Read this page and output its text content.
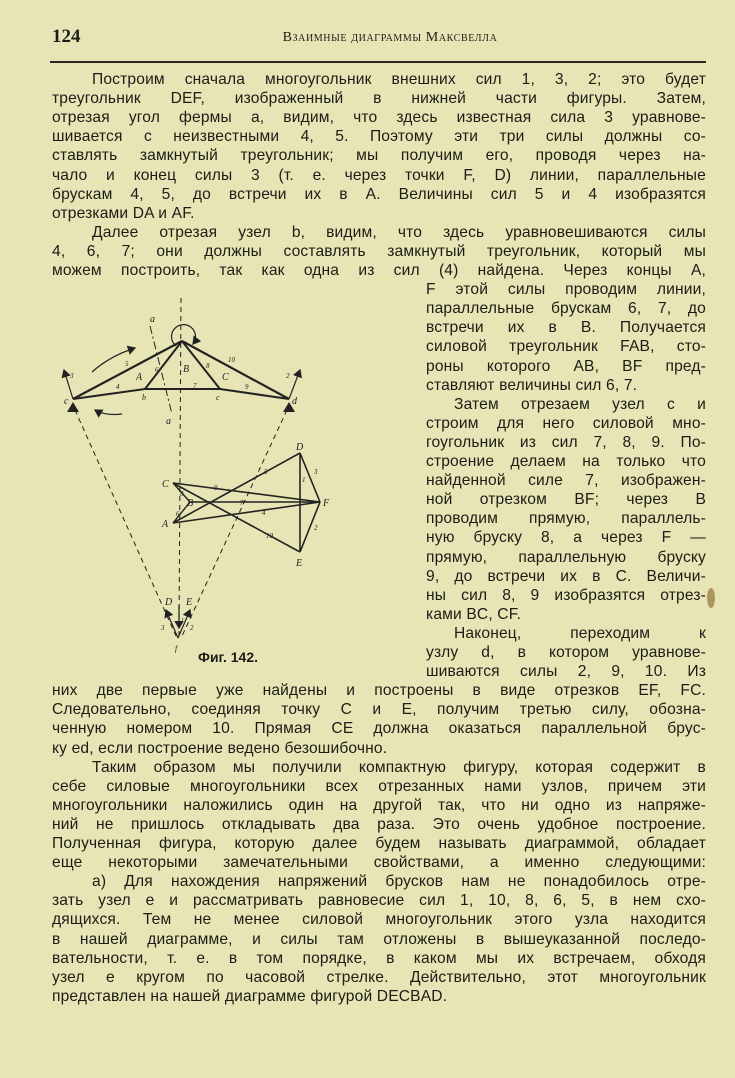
124	Взаимные диаграммы Максвелла
Построим сначала многоугольник внешних сил 1, 3, 2; это будет
треугольник DEF, изображенный в нижней части фигуры. Затем,
отрезая угол фермы a, видим, что здесь известная сила 3 уравнове-
шивается с неизвестными 4, 5. Поэтому эти три силы должны со-
ставлять замкнутый треугольник; мы получим его, проводя через на-
чало и конец силы 3 (т. е. через точки F, D) линии, параллельные
брускам 4, 5, до встречи их в A. Величины сил 5 и 4 изобразятся
отрезками DA и AF.
Далее отрезая узел b, видим, что здесь уравновешиваются силы
4, 6, 7; они должны составлять замкнутый треугольник, который мы
можем построить, так как одна из сил (4) найдена. Через концы A,
F этой силы проводим линии,
параллельные брускам 6, 7, до
встречи их в B. Получается
силовой треугольник FAB, сто-
роны которого AB, BF пред-
ставляют величины сил 6, 7.
Затем отрезаем узел c и
строим для него силовой мно-
гоугольник из сил 7, 8, 9. По-
строение делаем на только что
найденной силе 7, изображен-
ной отрезком BF; через B
проводим прямую, параллель-
ную бруску 8, а через F —
прямую, параллельную бруску
9, до встречи их в C. Величи-
ны сил 8, 9 изобразятся отрез-
ками BC, CF.
Наконец, переходим к
узлу d, в котором уравнове-
шиваются силы 2, 9, 10. Из
них две первые уже найдены и построены в виде отрезков EF, FC.
Следовательно, соединяя точку C и E, получим третью силу, обозна-
ченную номером 10. Прямая CE должна оказаться параллельной брус-
ку ed, если построение ведено безошибочно.
Таким образом мы получили компактную фигуру, которая содержит в
себе силовые многоугольники всех отрезанных нами узлов, причем эти
многоугольники наложились один на другой так, что ни одно из напряже-
ний не пришлось откладывать два раза. Это очень удобное построение.
Полученная фигура, которую далее будем называть диаграммой, обладает
еще некоторыми замечательными свойствами, а именно следующими:
а) Для нахождения напряжений брусков нам не понадобилось отре-
зать узел e и рассматривать равновесие сил 1, 10, 8, 6, 5, в нем схо-
дящихся. Тем не менее силовой многоугольник этого узла находится
в нашей диаграмме, и силы там отложены в вышеуказанной последо-
вательности, т. е. в том порядке, в каком мы их встречаем, обходя
узел e кругом по часовой стрелке. Действительно, этот многоугольник
представлен на нашей диаграмме фигурой DECBAD.
a
a
e
b	c
c	d
f
A
B
C
5
4
6	8
10
7	9
3	2
D
C
B
A
E
F
5	3
1
9
7
4
2
10
8
6
D E
1
3	2
Фиг. 142.
